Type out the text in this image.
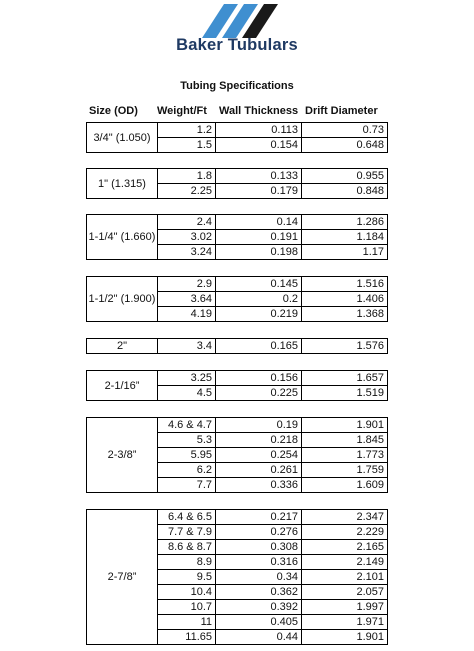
Baker Tubulars
Tubing Specifications
Size (OD) Weight/Ft Wall Thickness Drift Diameter
3/4" (1.050)
1.2	0.113	0.73
1.5	0.154	0.648
1" (1.315)
1.8	0.133	0.955
2.25	0.179	0.848
1-1/4" (1.660)
2.4	0.14	1.286
3.02	0.191	1.184
3.24	0.198	1.17
1-1/2" (1.900)
2.9	0.145	1.516
3.64	0.2	1.406
4.19	0.219	1.368
2"	3.4	0.165	1.576
2-1/16”
3.25	0.156	1.657
4.5	0.225	1.519
2-3/8”
4.6 & 4.7	0.19	1.901
5.3	0.218	1.845
5.95	0.254	1.773
6.2	0.261	1.759
7.7	0.336	1.609
2-7/8”
6.4 & 6.5	0.217	2.347
7.7 & 7.9	0.276	2.229
8.6 & 8.7	0.308	2.165
8.9	0.316	2.149
9.5	0.34	2.101
10.4	0.362	2.057
10.7	0.392	1.997
11	0.405	1.971
11.65	0.44	1.901
